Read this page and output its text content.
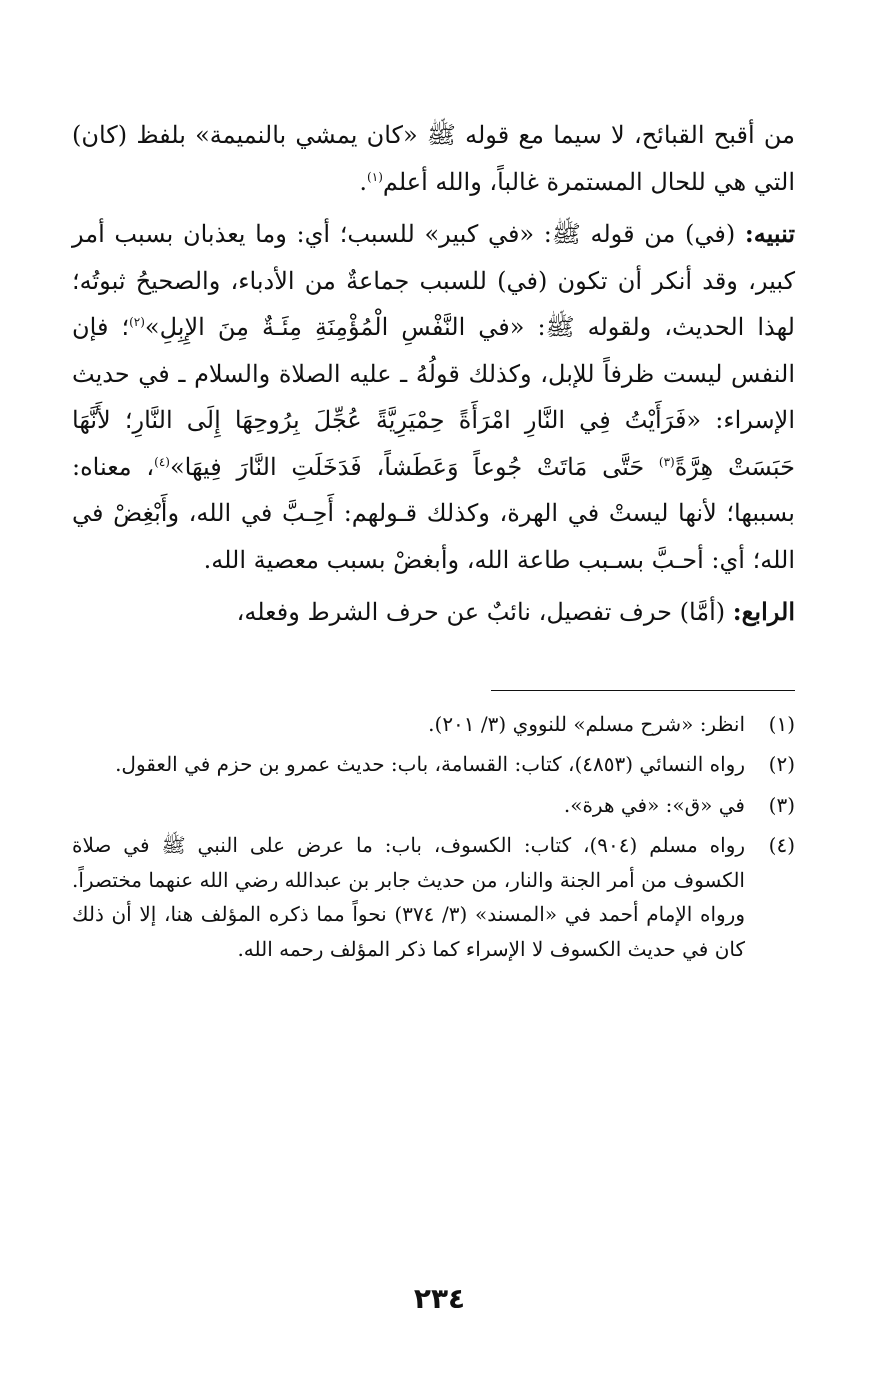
من أقبح القبائح، لا سيما مع قوله ﷺ «كان يمشي بالنميمة» بلفظ (كان) التي هي للحال المستمرة غالباً، والله أعلم$^{(١)}$.

تنبيه: (في) من قوله ﷺ: «في كبير» للسبب؛ أي: وما يعذبان بسبب أمر كبير، وقد أنكر أن تكون (في) للسبب جماعةٌ من الأدباء، والصحيحُ ثبوتُه؛ لهذا الحديث، ولقوله ﷺ: «في النَّفْسِ الْمُؤْمِنَةِ مِئَـةٌ مِنَ الإِبِلِ»$^{(٢)}$؛ فإن النفس ليست ظرفاً للإبل، وكذلك قولُهُ ـ عليه الصلاة والسلام ـ في حديث الإسراء: «فَرَأَيْتُ فِي النَّارِ امْرَأَةً حِمْيَرِيَّةً عُجِّلَ بِرُوحِهَا إِلَى النَّارِ؛ لأَنَّهَا حَبَسَتْ هِرَّةً$^{(٣)}$ حَتَّى مَاتَتْ جُوعاً وَعَطَشاً، فَدَخَلَتِ النَّارَ فِيهَا»$^{(٤)}$، معناه: بسببها؛ لأنها ليستْ في الهرة، وكذلك قـولهم: أَحِـبَّ في الله، وأَبْغِضْ في الله؛ أي: أحـبَّ بسـبب طاعة الله، وأبغضْ بسبب معصية الله.

الرابع: (أمَّا) حرف تفصيل، نائبٌ عن حرف الشرط وفعله،

(١)
انظر: «شرح مسلم» للنووي (٣/ ٢٠١).
(٢)
رواه النسائي (٤٨٥٣)، كتاب: القسامة، باب: حديث عمرو بن حزم في العقول.
(٣)
في «ق»: «في هرة».
(٤)
رواه مسلم (٩٠٤)، كتاب: الكسوف، باب: ما عرض على النبي ﷺ في صلاة الكسوف من أمر الجنة والنار، من حديث جابر بن عبدالله رضي الله عنهما مختصراً. ورواه الإمام أحمد في «المسند» (٣/ ٣٧٤) نحواً مما ذكره المؤلف هنا، إلا أن ذلك كان في حديث الكسوف لا الإسراء كما ذكر المؤلف رحمه الله.
٢٣٤
